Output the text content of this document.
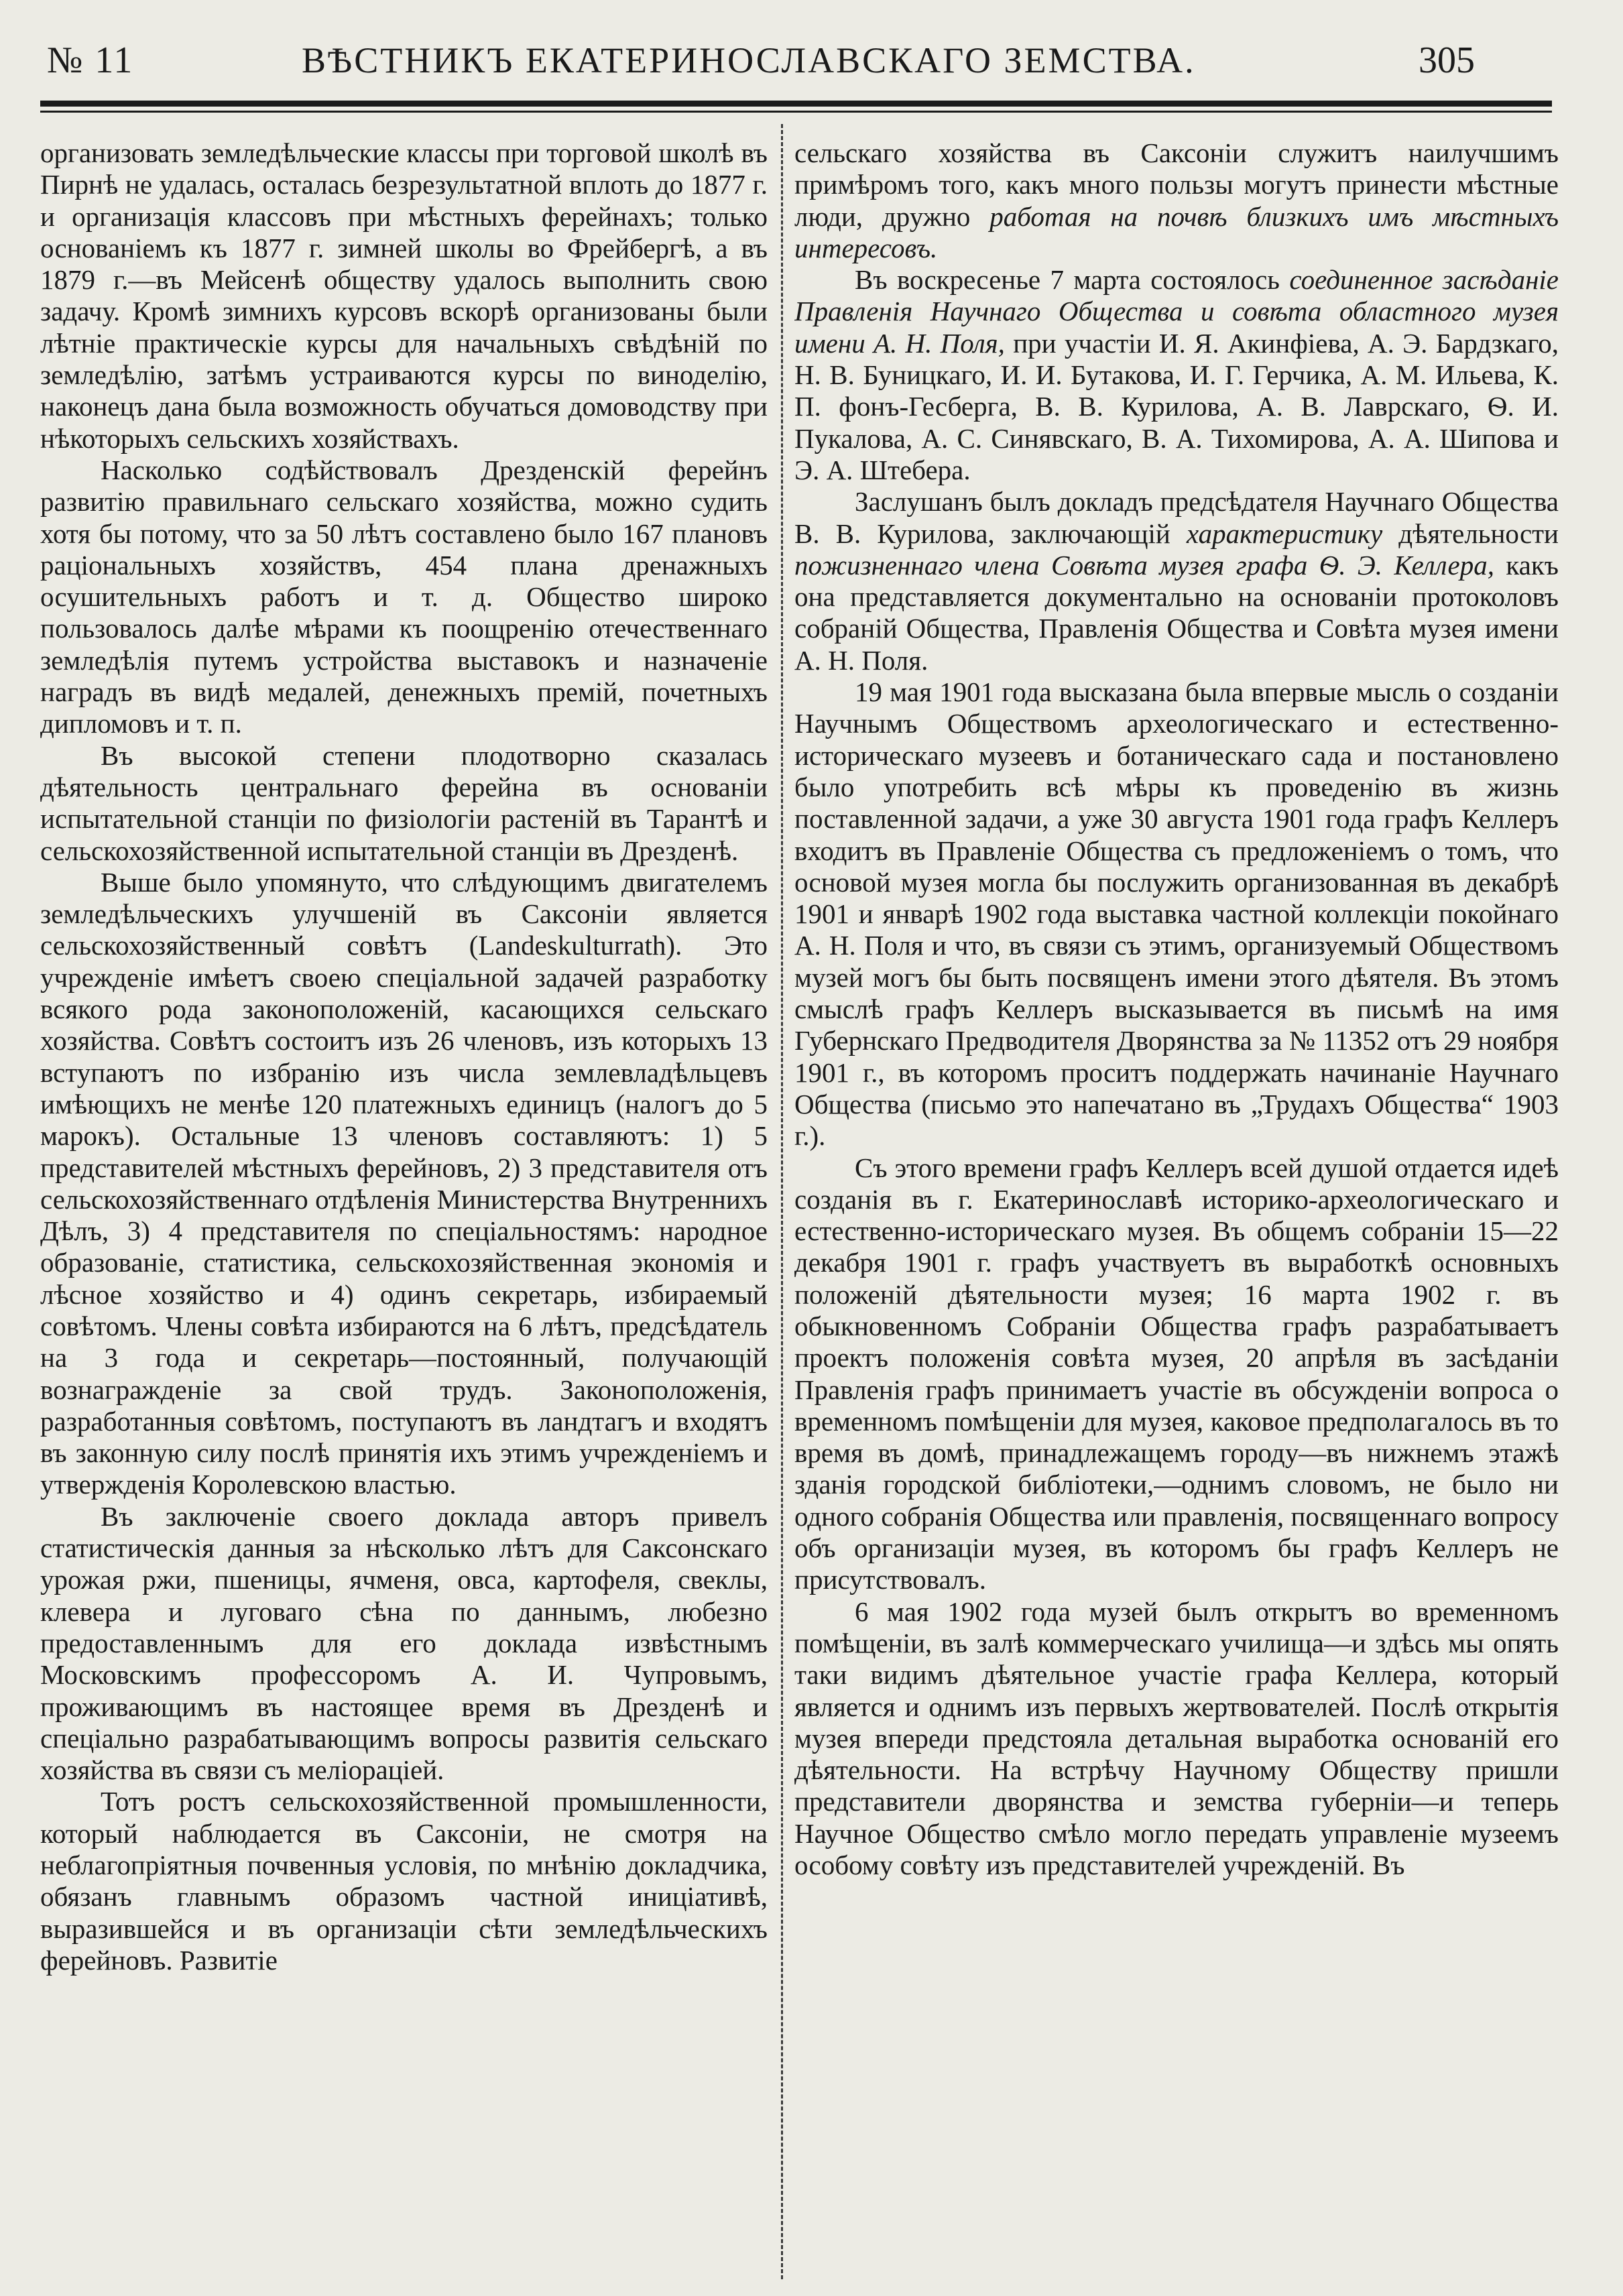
№ 11	ВѢСТНИКЪ ЕКАТЕРИНОСЛАВСКАГО ЗЕМСТВА.	305

организовать земледѣльческие классы при торговой школѣ въ Пирнѣ не удалась, осталась безрезультатной вплоть до 1877 г. и организація классовъ при мѣстныхъ ферейнахъ; только основаніемъ къ 1877 г. зимней школы во Фрейбергѣ, а въ 1879 г.—въ Мейсенѣ обществу удалось выполнить свою задачу. Кромѣ зимнихъ курсовъ вскорѣ организованы были лѣтніе практическіе курсы для начальныхъ свѣдѣній по земледѣлію, затѣмъ устраиваются курсы по виноделію, наконецъ дана была возможность обучаться домоводству при нѣкоторыхъ сельскихъ хозяйствахъ.

Насколько содѣйствовалъ Дрезденскій ферейнъ развитію правильнаго сельскаго хозяйства, можно судить хотя бы потому, что за 50 лѣтъ составлено было 167 плановъ раціональныхъ хозяйствъ, 454 плана дренажныхъ осушительныхъ работъ и т. д. Общество широко пользовалось далѣе мѣрами къ поощренію отечественнаго земледѣлія путемъ устройства выставокъ и назначеніе наградъ въ видѣ медалей, денежныхъ премій, почетныхъ дипломовъ и т. п.

Въ высокой степени плодотворно сказалась дѣятельность центральнаго ферейна въ основаніи испытательной станціи по физіологіи растеній въ Тарантѣ и сельскохозяйственной испытательной станціи въ Дрезденѣ.

Выше было упомянуто, что слѣдующимъ двигателемъ земледѣльческихъ улучшеній въ Саксоніи является сельскохозяйственный совѣтъ (Landeskulturrath). Это учрежденіе имѣетъ своею спеціальной задачей разработку всякого рода законоположеній, касающихся сельскаго хозяйства. Совѣтъ состоитъ изъ 26 членовъ, изъ которыхъ 13 вступаютъ по избранію изъ числа землевладѣльцевъ имѣющихъ не менѣе 120 платежныхъ единицъ (налогъ до 5 марокъ). Остальные 13 членовъ составляютъ: 1) 5 представителей мѣстныхъ ферейновъ, 2) 3 представителя отъ сельскохозяйственнаго отдѣленія Министерства Внутреннихъ Дѣлъ, 3) 4 представителя по спеціальностямъ: народное образованіе, статистика, сельскохозяйственная экономія и лѣсное хозяйство и 4) одинъ секретарь, избираемый совѣтомъ. Члены совѣта избираются на 6 лѣтъ, предсѣдатель на 3 года и секретарь—постоянный, получающій вознагражденіе за свой трудъ. Законоположенія, разработанныя совѣтомъ, поступаютъ въ ландтагъ и входятъ въ законную силу послѣ принятія ихъ этимъ учрежденіемъ и утвержденія Королевскою властью.

Въ заключеніе своего доклада авторъ привелъ статистическія данныя за нѣсколько лѣтъ для Саксонскаго урожая ржи, пшеницы, ячменя, овса, картофеля, свеклы, клевера и луговаго сѣна по даннымъ, любезно предоставленнымъ для его доклада извѣстнымъ Московскимъ профессоромъ А. И. Чупровымъ, проживающимъ въ настоящее время въ Дрезденѣ и спеціально разрабатывающимъ вопросы развитія сельскаго хозяйства въ связи съ меліораціей.

Тотъ ростъ сельскохозяйственной промышленности, который наблюдается въ Саксоніи, не смотря на неблагопріятныя почвенныя условія, по мнѣнію докладчика, обязанъ главнымъ образомъ частной иниціативѣ, выразившейся и въ организаціи сѣти земледѣльческихъ ферейновъ. Развитіе

сельскаго хозяйства въ Саксоніи служитъ наилучшимъ примѣромъ того, какъ много пользы могутъ принести мѣстные люди, дружно работая на почвѣ близкихъ имъ мѣстныхъ интересовъ.

Въ воскресенье 7 марта состоялось соединенное засѣданіе Правленія Научнаго Общества и совѣта областного музея имени А. Н. Поля, при участіи И. Я. Акинфіева, А. Э. Бардзкаго, Н. В. Буницкаго, И. И. Бутакова, И. Г. Герчика, А. М. Ильева, К. П. фонъ-Гесберга, В. В. Курилова, А. В. Лаврскаго, Ѳ. И. Пукалова, А. С. Синявскаго, В. А. Тихомирова, А. А. Шипова и Э. А. Штебера.

Заслушанъ былъ докладъ предсѣдателя Научнаго Общества В. В. Курилова, заключающій характеристику дѣятельности пожизненнаго члена Совѣта музея графа Ѳ. Э. Келлера, какъ она представляется документально на основаніи протоколовъ собраній Общества, Правленія Общества и Совѣта музея имени А. Н. Поля.

19 мая 1901 года высказана была впервые мысль о созданіи Научнымъ Обществомъ археологическаго и естественно-историческаго музеевъ и ботаническаго сада и постановлено было употребить всѣ мѣры къ проведенію въ жизнь поставленной задачи, а уже 30 августа 1901 года графъ Келлеръ входитъ въ Правленіе Общества съ предложеніемъ о томъ, что основой музея могла бы послужить организованная въ декабрѣ 1901 и январѣ 1902 года выставка частной коллекціи покойнаго А. Н. Поля и что, въ связи съ этимъ, организуемый Обществомъ музей могъ бы быть посвященъ имени этого дѣятеля. Въ этомъ смыслѣ графъ Келлеръ высказывается въ письмѣ на имя Губернскаго Предводителя Дворянства за № 11352 отъ 29 ноября 1901 г., въ которомъ проситъ поддержать начинаніе Научнаго Общества (письмо это напечатано въ „Трудахъ Общества“ 1903 г.).

Съ этого времени графъ Келлеръ всей душой отдается идеѣ созданія въ г. Екатеринославѣ историко-археологическаго и естественно-историческаго музея. Въ общемъ собраніи 15—22 декабря 1901 г. графъ участвуетъ въ выработкѣ основныхъ положеній дѣятельности музея; 16 марта 1902 г. въ обыкновенномъ Собраніи Общества графъ разрабатываетъ проектъ положенія совѣта музея, 20 апрѣля въ засѣданіи Правленія графъ принимаетъ участіе въ обсужденіи вопроса о временномъ помѣщеніи для музея, каковое предполагалось въ то время въ домѣ, принадлежащемъ городу—въ нижнемъ этажѣ зданія городской библіотеки,—однимъ словомъ, не было ни одного собранія Общества или правленія, посвященнаго вопросу объ организаціи музея, въ которомъ бы графъ Келлеръ не присутствовалъ.

6 мая 1902 года музей былъ открытъ во временномъ помѣщеніи, въ залѣ коммерческаго училища—и здѣсь мы опять таки видимъ дѣятельное участіе графа Келлера, который является и однимъ изъ первыхъ жертвователей. Послѣ открытія музея впереди предстояла детальная выработка основаній его дѣятельности. На встрѣчу Научному Обществу пришли представители дворянства и земства губерніи—и теперь Научное Общество смѣло могло передать управленіе музеемъ особому совѣту изъ представителей учрежденій. Въ
